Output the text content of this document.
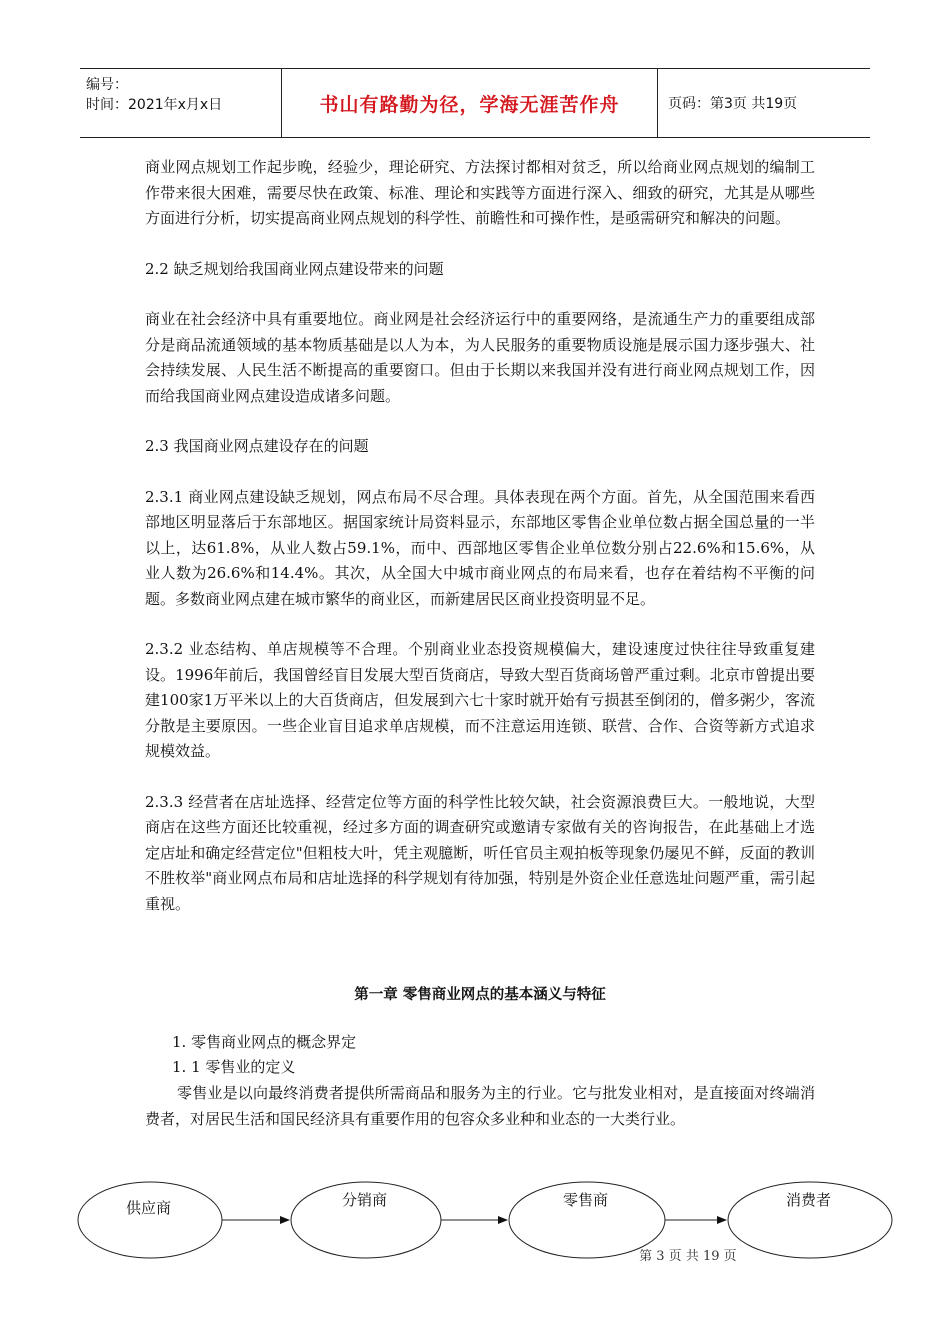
编号：
时间：2021年x月x日	书山有路勤为径，学海无涯苦作舟	页码：第3页 共19页

商业网点规划工作起步晚，经验少，理论研究、方法探讨都相对贫乏，所以给商业网点规划的编制工作带来很大困难，需要尽快在政策、标准、理论和实践等方面进行深入、细致的研究，尤其是从哪些方面进行分析，切实提高商业网点规划的科学性、前瞻性和可操作性，是亟需研究和解决的问题。

2.2 缺乏规划给我国商业网点建设带来的问题

商业在社会经济中具有重要地位。商业网是社会经济运行中的重要网络，是流通生产力的重要组成部分是商品流通领域的基本物质基础是以人为本，为人民服务的重要物质设施是展示国力逐步强大、社会持续发展、人民生活不断提高的重要窗口。但由于长期以来我国并没有进行商业网点规划工作，因而给我国商业网点建设造成诸多问题。

2.3 我国商业网点建设存在的问题

2.3.1 商业网点建设缺乏规划，网点布局不尽合理。具体表现在两个方面。首先，从全国范围来看西部地区明显落后于东部地区。据国家统计局资料显示，东部地区零售企业单位数占据全国总量的一半以上，达61.8%，从业人数占59.1%，而中、西部地区零售企业单位数分别占22.6%和15.6%，从业人数为26.6%和14.4%。其次，从全国大中城市商业网点的布局来看，也存在着结构不平衡的问题。多数商业网点建在城市繁华的商业区，而新建居民区商业投资明显不足。

2.3.2 业态结构、单店规模等不合理。个别商业业态投资规模偏大，建设速度过快往往导致重复建设。1996年前后，我国曾经盲目发展大型百货商店，导致大型百货商场曾严重过剩。北京市曾提出要建100家1万平米以上的大百货商店，但发展到六七十家时就开始有亏损甚至倒闭的，僧多粥少，客流分散是主要原因。一些企业盲目追求单店规模，而不注意运用连锁、联营、合作、合资等新方式追求规模效益。

2.3.3 经营者在店址选择、经营定位等方面的科学性比较欠缺，社会资源浪费巨大。一般地说，大型商店在这些方面还比较重视，经过多方面的调查研究或邀请专家做有关的咨询报告，在此基础上才选定店址和确定经营定位"但粗枝大叶，凭主观臆断，听任官员主观拍板等现象仍屡见不鲜，反面的教训不胜枚举"商业网点布局和店址选择的科学规划有待加强，特别是外资企业任意选址问题严重，需引起重视。

第一章 零售商业网点的基本涵义与特征
1. 零售商业网点的概念界定
1. 1 零售业的定义
零售业是以向最终消费者提供所需商品和服务为主的行业。它与批发业相对，是直接面对终端消费者，对居民生活和国民经济具有重要作用的包容众多业种和业态的一大类行业。
供应商	分销商	零售商	消费者
第 3 页 共 19 页
